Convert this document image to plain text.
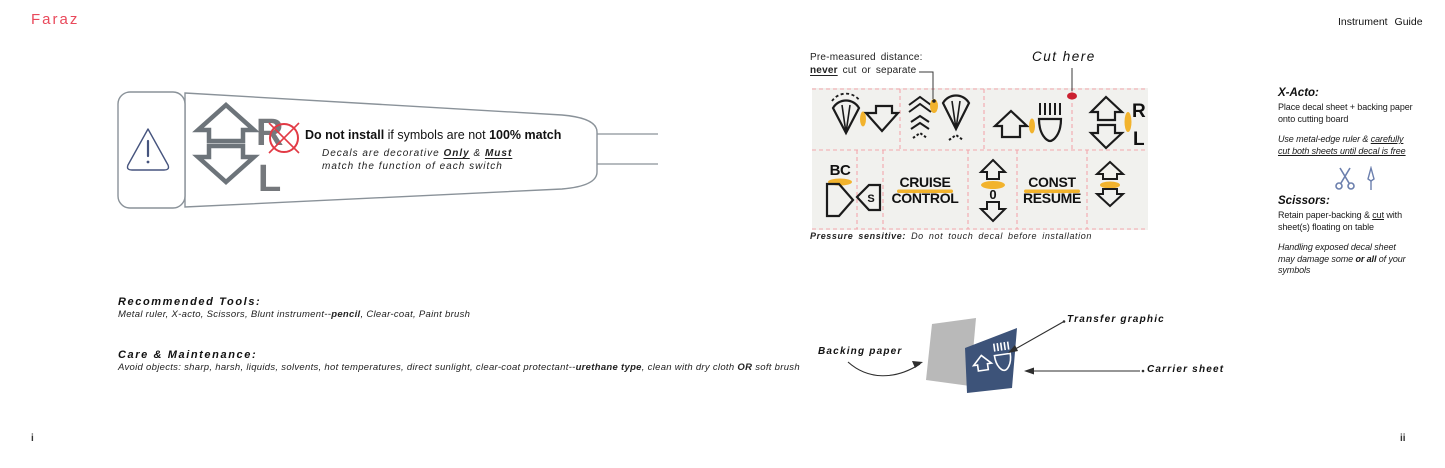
Faraz	Instrument Guide
R
L
Do not install if symbols are not 100% match
Decals are decorative Only & Must
match the function of each switch
Recommended Tools:
Metal ruler, X-acto, Scissors, Blunt instrument--pencil, Clear-coat, Paint brush
Care & Maintenance:
Avoid objects: sharp, harsh, liquids, solvents, hot temperatures, direct sunlight, clear-coat protectant--urethane type, clean with dry cloth OR soft brush
R
L
BC
S
CRUISE
CONTROL 0
CONST
RESUME
Pre-measured distance:
never cut or separate
Cut here
Pressure sensitive: Do not touch decal before installation
X-Acto:

Place decal sheet + backing paper onto cutting board

Use metal-edge ruler & carefully
cut both sheets until decal is free

Scissors:

Retain paper-backing & cut with sheet(s) floating on table

Handling exposed decal sheet may damage some or all of your symbols

Backing paper
Transfer graphic
Carrier sheet
i	ii
